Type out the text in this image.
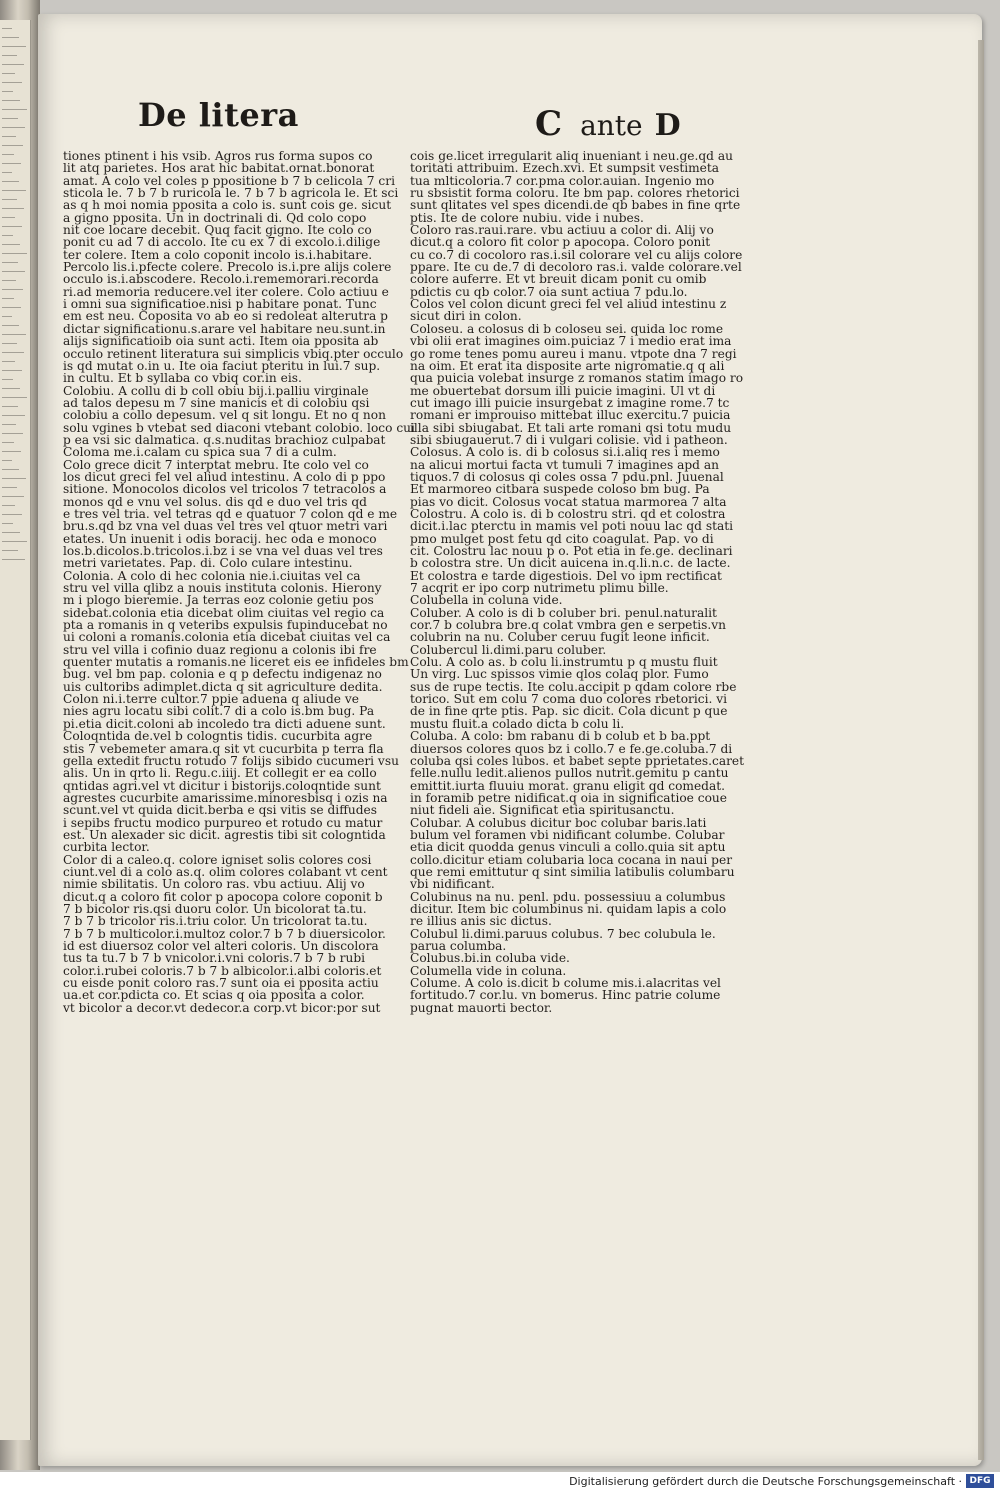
De litera	C ante D
tiones ptinent i his vsib. Agros rus forma supos co
lit atq parietes. Hos arat hic babitat.ornat.bonorat
amat. A colo vel coles p ppositione b 7 b celicola 7 cri
sticola le. 7 b 7 b ruricola le. 7 b 7 b agricola le. Et sci
as q h moi nomia pposita a colo is. sunt cois ge. sicut
a gigno pposita. Un in doctrinali di. Qd colo copo
nit coe locare decebit. Quq facit gigno. Ite colo co
ponit cu ad 7 di accolo. Ite cu ex 7 di excolo.i.dilige
ter colere. Item a colo coponit incolo is.i.habitare.
Percolo lis.i.pfecte colere. Precolo is.i.pre alijs colere
occulo is.i.abscodere. Recolo.i.rememorari.recorda
ri.ad memoria reducere.vel iter colere. Colo actiuu e
i omni sua significatioe.nisi p habitare ponat. Tunc
em est neu. Coposita vo ab eo si redoleat alterutra p
dictar significationu.s.arare vel habitare neu.sunt.in
alijs significatioib oia sunt acti. Item oia pposita ab
occulo retinent literatura sui simplicis vbiq.pter occulo
is qd mutat o.in u. Ite oia faciut pteritu in lui.7 sup.
in cultu. Et b syllaba co vbiq cor.in eis.
Colobiu. A collu di b coll obiu bij.i.palliu virginale
ad talos depesu m 7 sine manicis et di colobiu qsi
colobiu a collo depesum. vel q sit longu. Et no q non
solu vgines b vtebat sed diaconi vtebant colobio. loco cui
p ea vsi sic dalmatica. q.s.nuditas brachioz culpabat
Coloma me.i.calam cu spica sua 7 di a culm.
Colo grece dicit 7 interptat mebru. Ite colo vel co
los dicut greci fel vel aliud intestinu. A colo di p ppo
sitione. Monocolos dicolos vel tricolos 7 tetracolos a
monos qd e vnu vel solus. dis qd e duo vel tris qd
e tres vel tria. vel tetras qd e quatuor 7 colon qd e me
bru.s.qd bz vna vel duas vel tres vel qtuor metri vari
etates. Un inuenit i odis boracij. hec oda e monoco
los.b.dicolos.b.tricolos.i.bz i se vna vel duas vel tres
metri varietates. Pap. di. Colo culare intestinu.
Colonia. A colo di hec colonia nie.i.ciuitas vel ca
stru vel villa qlibz a nouis instituta colonis. Hierony
m i plogo bieremie. Ja terras eoz colonie getiu pos
sidebat.colonia etia dicebat olim ciuitas vel regio ca
pta a romanis in q veteribs expulsis fupinducebat no
ui coloni a romanis.colonia etia dicebat ciuitas vel ca
stru vel villa i cofinio duaz regionu a colonis ibi fre
quenter mutatis a romanis.ne liceret eis ee infideles bm
bug. vel bm pap. colonia e q p defectu indigenaz no
uis cultoribs adimplet.dicta q sit agriculture dedita.
Colon ni.i.terre cultor.7 ppie aduena q aliude ve
nies agru locatu sibi colit.7 di a colo is.bm bug. Pa
pi.etia dicit.coloni ab incoledo tra dicti aduene sunt.
Coloqntida de.vel b cologntis tidis. cucurbita agre
stis 7 vebemeter amara.q sit vt cucurbita p terra fla
gella extedit fructu rotudo 7 folijs sibido cucumeri vsu
alis. Un in qrto li. Regu.c.iiij. Et collegit er ea collo
qntidas agri.vel vt dicitur i bistorijs.coloqntide sunt
agrestes cucurbite amarissime.minoresbisq i ozis na
scunt.vel vt quida dicit.berba e qsi vitis se diffudes
i sepibs fructu modico purpureo et rotudo cu matur
est. Un alexader sic dicit. agrestis tibi sit cologntida
curbita lector.
Color di a caleo.q. colore igniset solis colores cosi
ciunt.vel di a colo as.q. olim colores colabant vt cent
nimie sbilitatis. Un coloro ras. vbu actiuu. Alij vo
dicut.q a coloro fit color p apocopa colore coponit b
7 b bicolor ris.qsi duoru color. Un bicolorat ta.tu.
7 b 7 b tricolor ris.i.triu color. Un tricolorat ta.tu.
7 b 7 b multicolor.i.multoz color.7 b 7 b diuersicolor.
id est diuersoz color vel alteri coloris. Un discolora
tus ta tu.7 b 7 b vnicolor.i.vni coloris.7 b 7 b rubi
color.i.rubei coloris.7 b 7 b albicolor.i.albi coloris.et
cu eisde ponit coloro ras.7 sunt oia ei pposita actiu
ua.et cor.pdicta co. Et scias q oia pposita a color.
vt bicolor a decor.vt dedecor.a corp.vt bicor:por sut
cois ge.licet irregularit aliq inueniant i neu.ge.qd au
toritati attribuim. Ezech.xvi. Et sumpsit vestimeta
tua mlticoloria.7 cor.pma color.auian. Ingenio mo
ru sbsistit forma coloru. Ite bm pap. colores rhetorici
sunt qlitates vel spes dicendi.de qb babes in fine qrte
ptis. Ite de colore nubiu. vide i nubes.
Coloro ras.raui.rare. vbu actiuu a color di. Alij vo
dicut.q a coloro fit color p apocopa. Coloro ponit
cu co.7 di cocoloro ras.i.sil colorare vel cu alijs colore
ppare. Ite cu de.7 di decoloro ras.i. valde colorare.vel
colore auferre. Et vt breuit dicam ponit cu omib
pdictis cu qb color.7 oia sunt actiua 7 pdu.lo.
Colos vel colon dicunt greci fel vel aliud intestinu z
sicut diri in colon.
Coloseu. a colosus di b coloseu sei. quida loc rome
vbi olii erat imagines oim.puiciaz 7 i medio erat ima
go rome tenes pomu aureu i manu. vtpote dna 7 regi
na oim. Et erat ita disposite arte nigromatie.q q ali
qua puicia volebat insurge z romanos statim imago ro
me obuertebat dorsum illi puicie imagini. Ul vt di
cut imago illi puicie insurgebat z imagine rome.7 tc
romani er improuiso mittebat illuc exercitu.7 puicia
illa sibi sbiugabat. Et tali arte romani qsi totu mudu
sibi sbiugauerut.7 di i vulgari colisie. vid i patheon.
Colosus. A colo is. di b colosus si.i.aliq res i memo
na alicui mortui facta vt tumuli 7 imagines apd an
tiquos.7 di colosus qi coles ossa 7 pdu.pnl. Juuenal
Et marmoreo citbara suspede coloso bm bug. Pa
pias vo dicit. Colosus vocat statua marmorea 7 alta
Colostru. A colo is. di b colostru stri. qd et colostra
dicit.i.lac pterctu in mamis vel poti nouu lac qd stati
pmo mulget post fetu qd cito coagulat. Pap. vo di
cit. Colostru lac nouu p o. Pot etia in fe.ge. declinari
b colostra stre. Un dicit auicena in.q.li.n.c. de lacte.
Et colostra e tarde digestiois. Del vo ipm rectificat
7 acqrit er ipo corp nutrimetu plimu bille.
Colubella in coluna vide.
Coluber. A colo is di b coluber bri. penul.naturalit
cor.7 b colubra bre.q colat vmbra gen e serpetis.vn
colubrin na nu. Coluber ceruu fugit leone inficit.
Colubercul li.dimi.paru coluber.
Colu. A colo as. b colu li.instrumtu p q mustu fluit
Un virg. Luc spissos vimie qlos colaq plor. Fumo
sus de rupe tectis. Ite colu.accipit p qdam colore rbe
torico. Sut em colu 7 coma duo colores rbetorici. vi
de in fine qrte ptis. Pap. sic dicit. Cola dicunt p que
mustu fluit.a colado dicta b colu li.
Coluba. A colo: bm rabanu di b colub et b ba.ppt
diuersos colores quos bz i collo.7 e fe.ge.coluba.7 di
coluba qsi coles lubos. et babet septe pprietates.caret
felle.nullu ledit.alienos pullos nutrit.gemitu p cantu
emittit.iurta fluuiu morat. granu eligit qd comedat.
in foramib petre nidificat.q oia in significatioe coue
niut fideli aie. Significat etia spiritusanctu.
Colubar. A colubus dicitur boc colubar baris.lati
bulum vel foramen vbi nidificant columbe. Colubar
etia dicit quodda genus vinculi a collo.quia sit aptu
collo.dicitur etiam colubaria loca cocana in naui per
que remi emittutur q sint similia latibulis columbaru
vbi nidificant.
Colubinus na nu. penl. pdu. possessiuu a columbus
dicitur. Item bic columbinus ni. quidam lapis a colo
re illius anis sic dictus.
Colubul li.dimi.paruus colubus. 7 bec colubula le.
parua columba.
Colubus.bi.in coluba vide.
Columella vide in coluna.
Colume. A colo is.dicit b colume mis.i.alacritas vel
fortitudo.7 cor.lu. vn bomerus. Hinc patrie colume
pugnat mauorti bector.
Digitalisierung gefördert durch die Deutsche Forschungsgemeinschaft · DFG
